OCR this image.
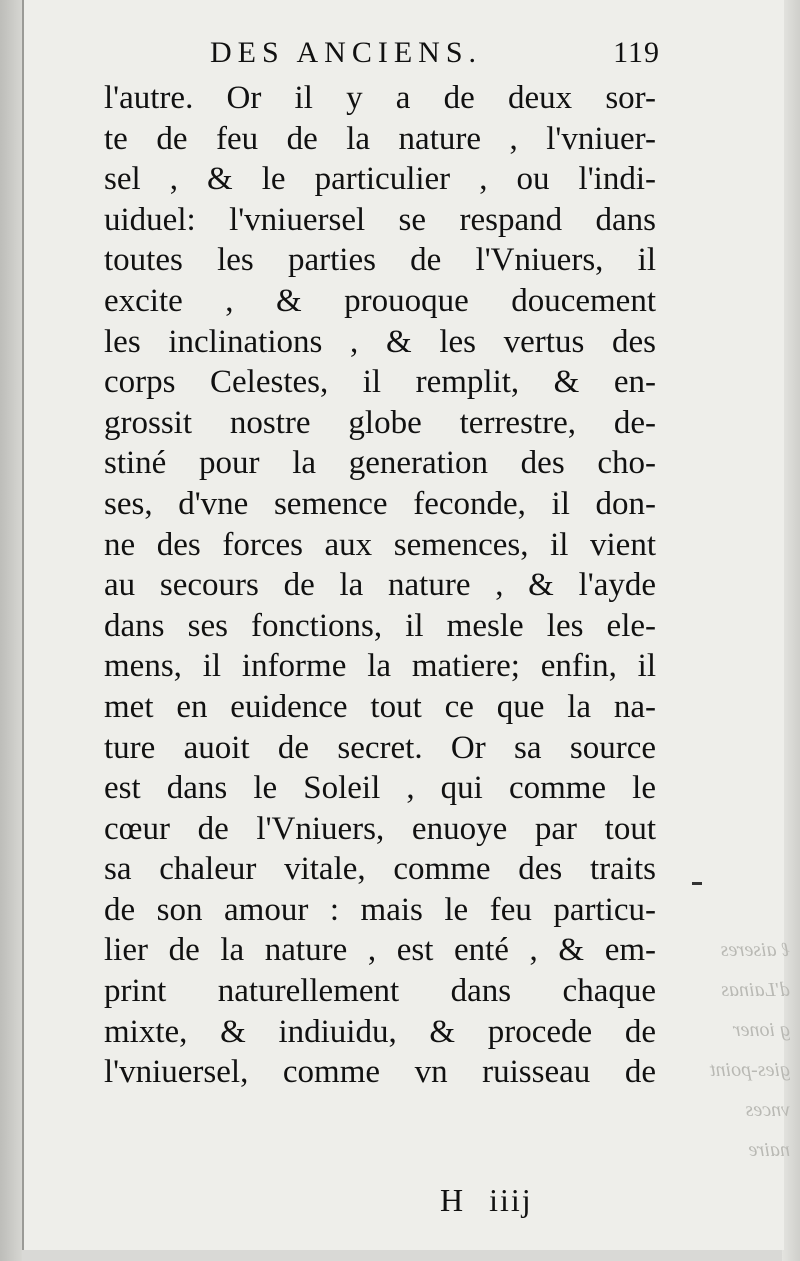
ℓ aiseres
d'Lainas
g ioner
gies-point
vnces
naire
DES ANCIENS.	119
l'autre. Or il y a de deux sor-
te de feu de la nature , l'vniuer-
sel , & le particulier , ou l'indi-
uiduel: l'vniuersel se respand dans
toutes les parties de l'Vniuers, il
excite , & prouoque doucement
les inclinations , & les vertus des
corps Celestes, il remplit, & en-
grossit nostre globe terrestre, de-
stiné pour la generation des cho-
ses, d'vne semence feconde, il don-
ne des forces aux semences, il vient
au secours de la nature , & l'ayde
dans ses fonctions, il mesle les ele-
mens, il informe la matiere; enfin, il
met en euidence tout ce que la na-
ture auoit de secret. Or sa source
est dans le Soleil , qui comme le
cœur de l'Vniuers, enuoye par tout
sa chaleur vitale, comme des traits
de son amour : mais le feu particu-
lier de la nature , est enté , & em-
print naturellement dans chaque
mixte, & indiuidu, & procede de
l'vniuersel, comme vn ruisseau de
H iiij
